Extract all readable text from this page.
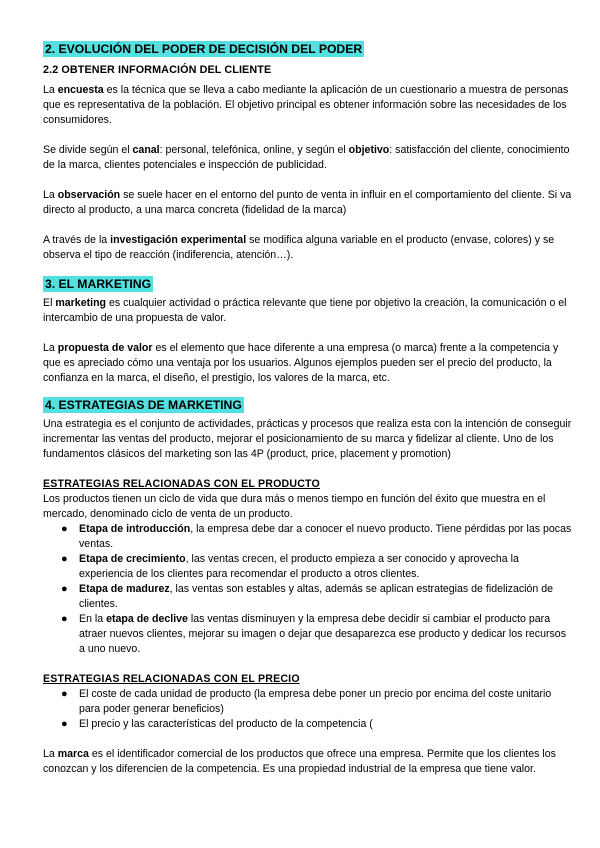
2. EVOLUCIÓN DEL PODER DE DECISIÓN DEL PODER
2.2 OBTENER INFORMACIÓN DEL CLIENTE

La encuesta es la técnica que se lleva a cabo mediante la aplicación de un cuestionario a muestra de personas que es representativa de la población. El objetivo principal es obtener información sobre las necesidades de los consumidores.

Se divide según el canal: personal, telefónica, online, y según el objetivo: satisfacción del cliente, conocimiento de la marca, clientes potenciales e inspección de publicidad.

La observación se suele hacer en el entorno del punto de venta in influir en el comportamiento del cliente. Si va directo al producto, a una marca concreta (fidelidad de la marca)

A través de la investigación experimental se modifica alguna variable en el producto (envase, colores) y se observa el tipo de reacción (indiferencia, atención…).

3. EL MARKETING

El marketing es cualquier actividad o práctica relevante que tiene por objetivo la creación, la comunicación o el intercambio de una propuesta de valor.

La propuesta de valor es el elemento que hace diferente a una empresa (o marca) frente a la competencia y que es apreciado cómo una ventaja por los usuarios. Algunos ejemplos pueden ser el precio del producto, la confianza en la marca, el diseño, el prestigio, los valores de la marca, etc.

4. ESTRATEGIAS DE MARKETING

Una estrategia es el conjunto de actividades, prácticas y procesos que realiza esta con la intención de conseguir incrementar las ventas del producto, mejorar el posicionamiento de su marca y fidelizar al cliente. Uno de los fundamentos clásicos del marketing son las 4P (product, price, placement y promotion)

ESTRATEGIAS RELACIONADAS CON EL PRODUCTO

Los productos tienen un ciclo de vida que dura más o menos tiempo en función del éxito que muestra en el mercado, denominado ciclo de venta de un producto.

● Etapa de introducción, la empresa debe dar a conocer el nuevo producto. Tiene pérdidas por las pocas ventas.
● Etapa de crecimiento, las ventas crecen, el producto empieza a ser conocido y aprovecha la experiencia de los clientes para recomendar el producto a otros clientes.
● Etapa de madurez, las ventas son estables y altas, además se aplican estrategias de fidelización de clientes.
● En la etapa de declive las ventas disminuyen y la empresa debe decidir si cambiar el producto para atraer nuevos clientes, mejorar su imagen o dejar que desaparezca ese producto y dedicar los recursos a uno nuevo.
ESTRATEGIAS RELACIONADAS CON EL PRECIO
● El coste de cada unidad de producto (la empresa debe poner un precio por encima del coste unitario para poder generar beneficios)
● El precio y las características del producto de la competencia (

La marca es el identificador comercial de los productos que ofrece una empresa. Permite que los clientes los conozcan y los diferencien de la competencia. Es una propiedad industrial de la empresa que tiene valor.
